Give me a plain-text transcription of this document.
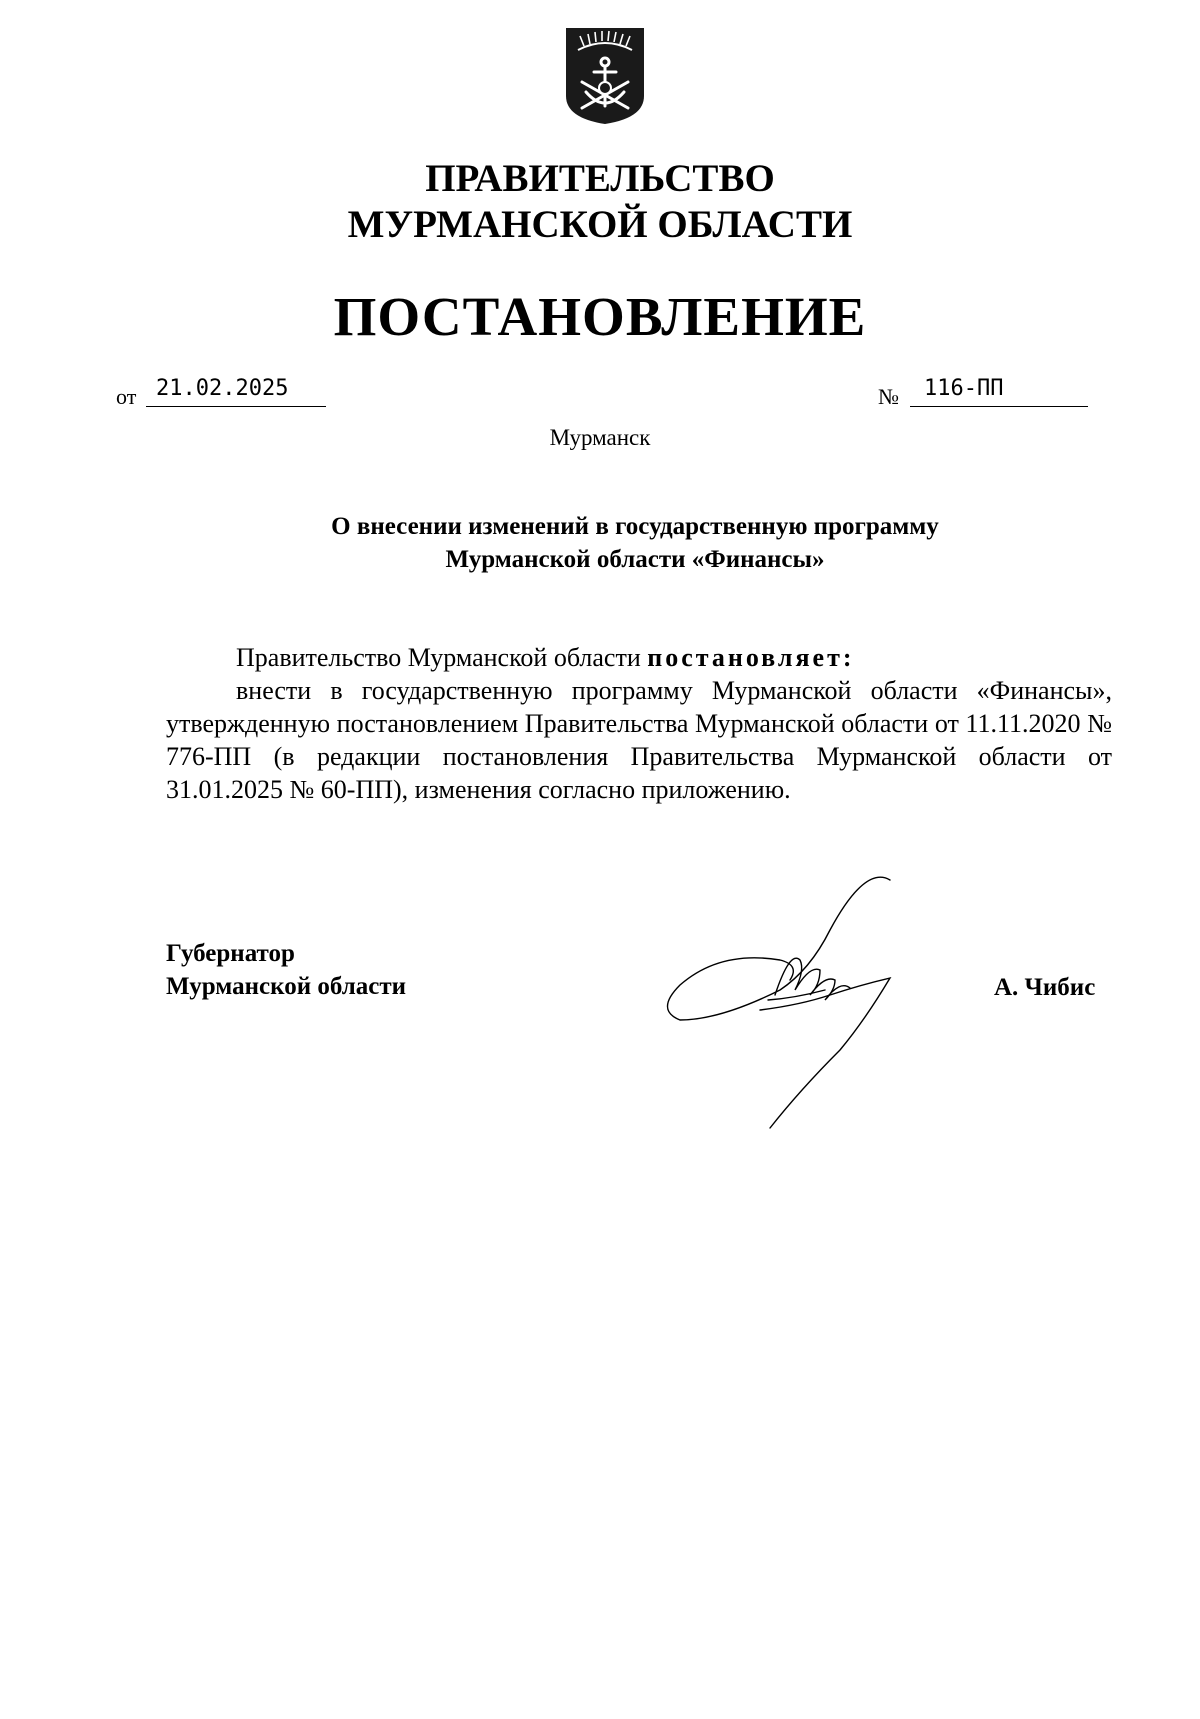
ПРАВИТЕЛЬСТВО
МУРМАНСКОЙ ОБЛАСТИ
ПОСТАНОВЛЕНИЕ
от 21.02.2025	№	116-ПП
Мурманск
О внесении изменений в государственную программу
Мурманской области «Финансы»

Правительство Мурманской области постановляет:

внести в государственную программу Мурманской области «Финансы», утвержденную постановлением Правительства Мурманской области от 11.11.2020 № 776-ПП (в редакции постановления Правительства Мурманской области от 31.01.2025 № 60-ПП), изменения согласно приложению.

Губернатор
Мурманской области	А. Чибис
